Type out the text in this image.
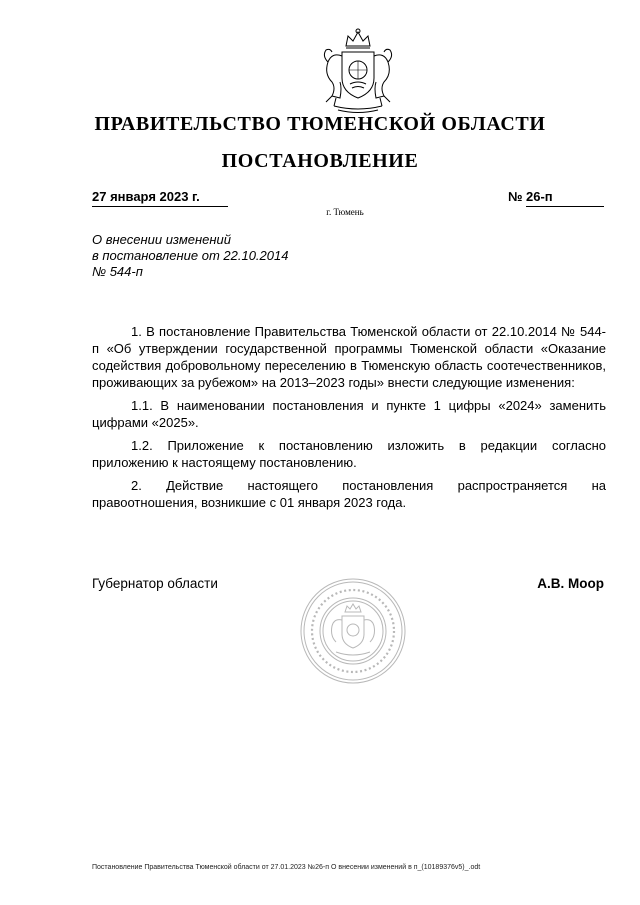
ПРАВИТЕЛЬСТВО ТЮМЕНСКОЙ ОБЛАСТИ
ПОСТАНОВЛЕНИЕ
27 января 2023 г.	№ 26-п
г. Тюмень
О внесении изменений
в постановление от 22.10.2014
№ 544-п

1. В постановление Правительства Тюменской области от 22.10.2014 № 544-п «Об утверждении государственной программы Тюменской области «Оказание содействия добровольному переселению в Тюменскую область соотечественников, проживающих за рубежом» на 2013–2023 годы» внести следующие изменения:

1.1. В наименовании постановления и пункте 1 цифры «2024» заменить цифрами «2025».

1.2. Приложение к постановлению изложить в редакции согласно приложению к настоящему постановлению.

2. Действие настоящего постановления распространяется на правоотношения, возникшие с 01 января 2023 года.

Губернатор области	А.В. Моор
Постановление Правительства Тюменской области от 27.01.2023 №26-п О внесении изменений в п_(10189376v5)_.odt
